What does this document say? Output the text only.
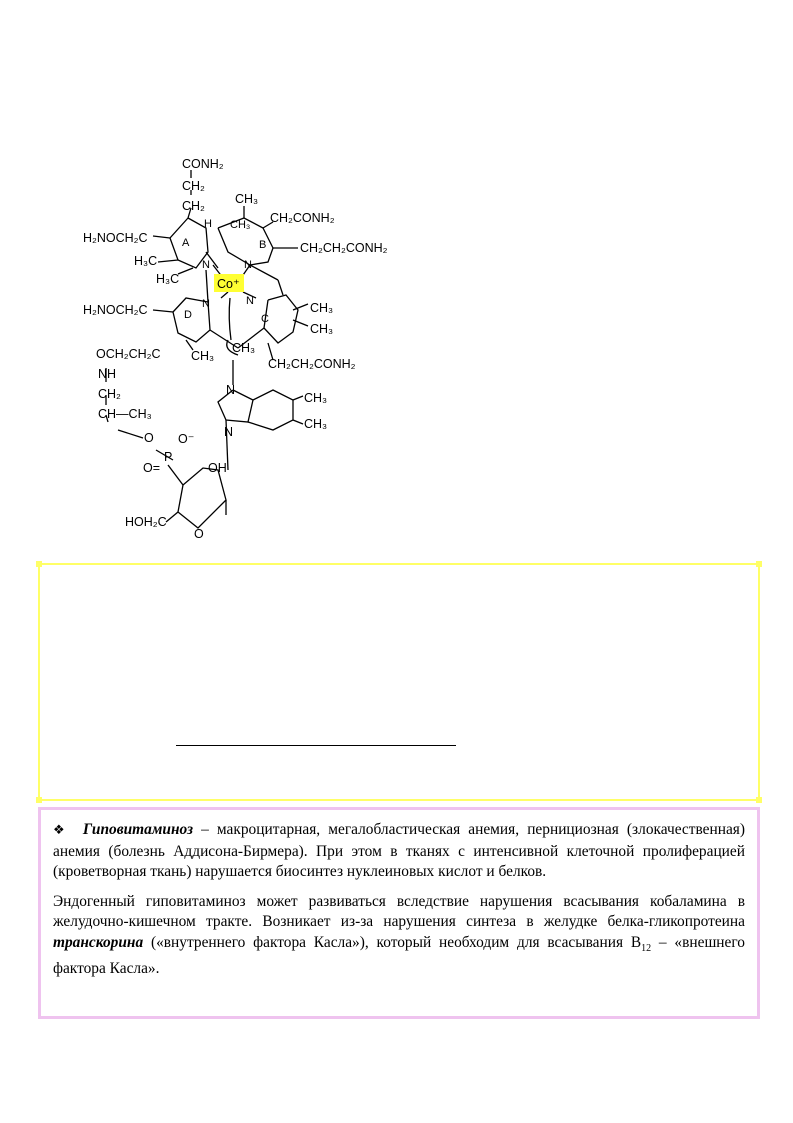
Co⁺
CONH₂
CH₂
CH₂ CH₃
CH₃
H	CH₂CONH₂
CH₂CH₂CONH₂
H₂NOCH₂C
H₃C
H₃C
H₂NOCH₂C	CH₃
CH₃
CH₃
CH₃
OCH₂CH₂C
NH
CH₂
CH—CH₃
CH₂CH₂CONH₂
O⁻
O
P
O=	OH
HOH₂C
O
CH₃
CH₃
N
N
A	B
C
D
N	N
N	N

❖ Гиповитаминоз – макроцитарная, мегалобластическая анемия, пернициозная (злокачественная) анемия (болезнь Аддисона-Бирмера). При этом в тканях с интенсивной клеточной пролиферацией (кроветворная ткань) нарушается биосинтез нуклеиновых кислот и белков.

Эндогенный гиповитаминоз может развиваться вследствие нарушения всасывания кобаламина в желудочно-кишечном тракте. Возникает из-за нарушения синтеза в желудке белка-гликопротеина транскорина («внутреннего фактора Касла»), который необходим для всасывания $B_{12}$ – «внешнего фактора Касла».
